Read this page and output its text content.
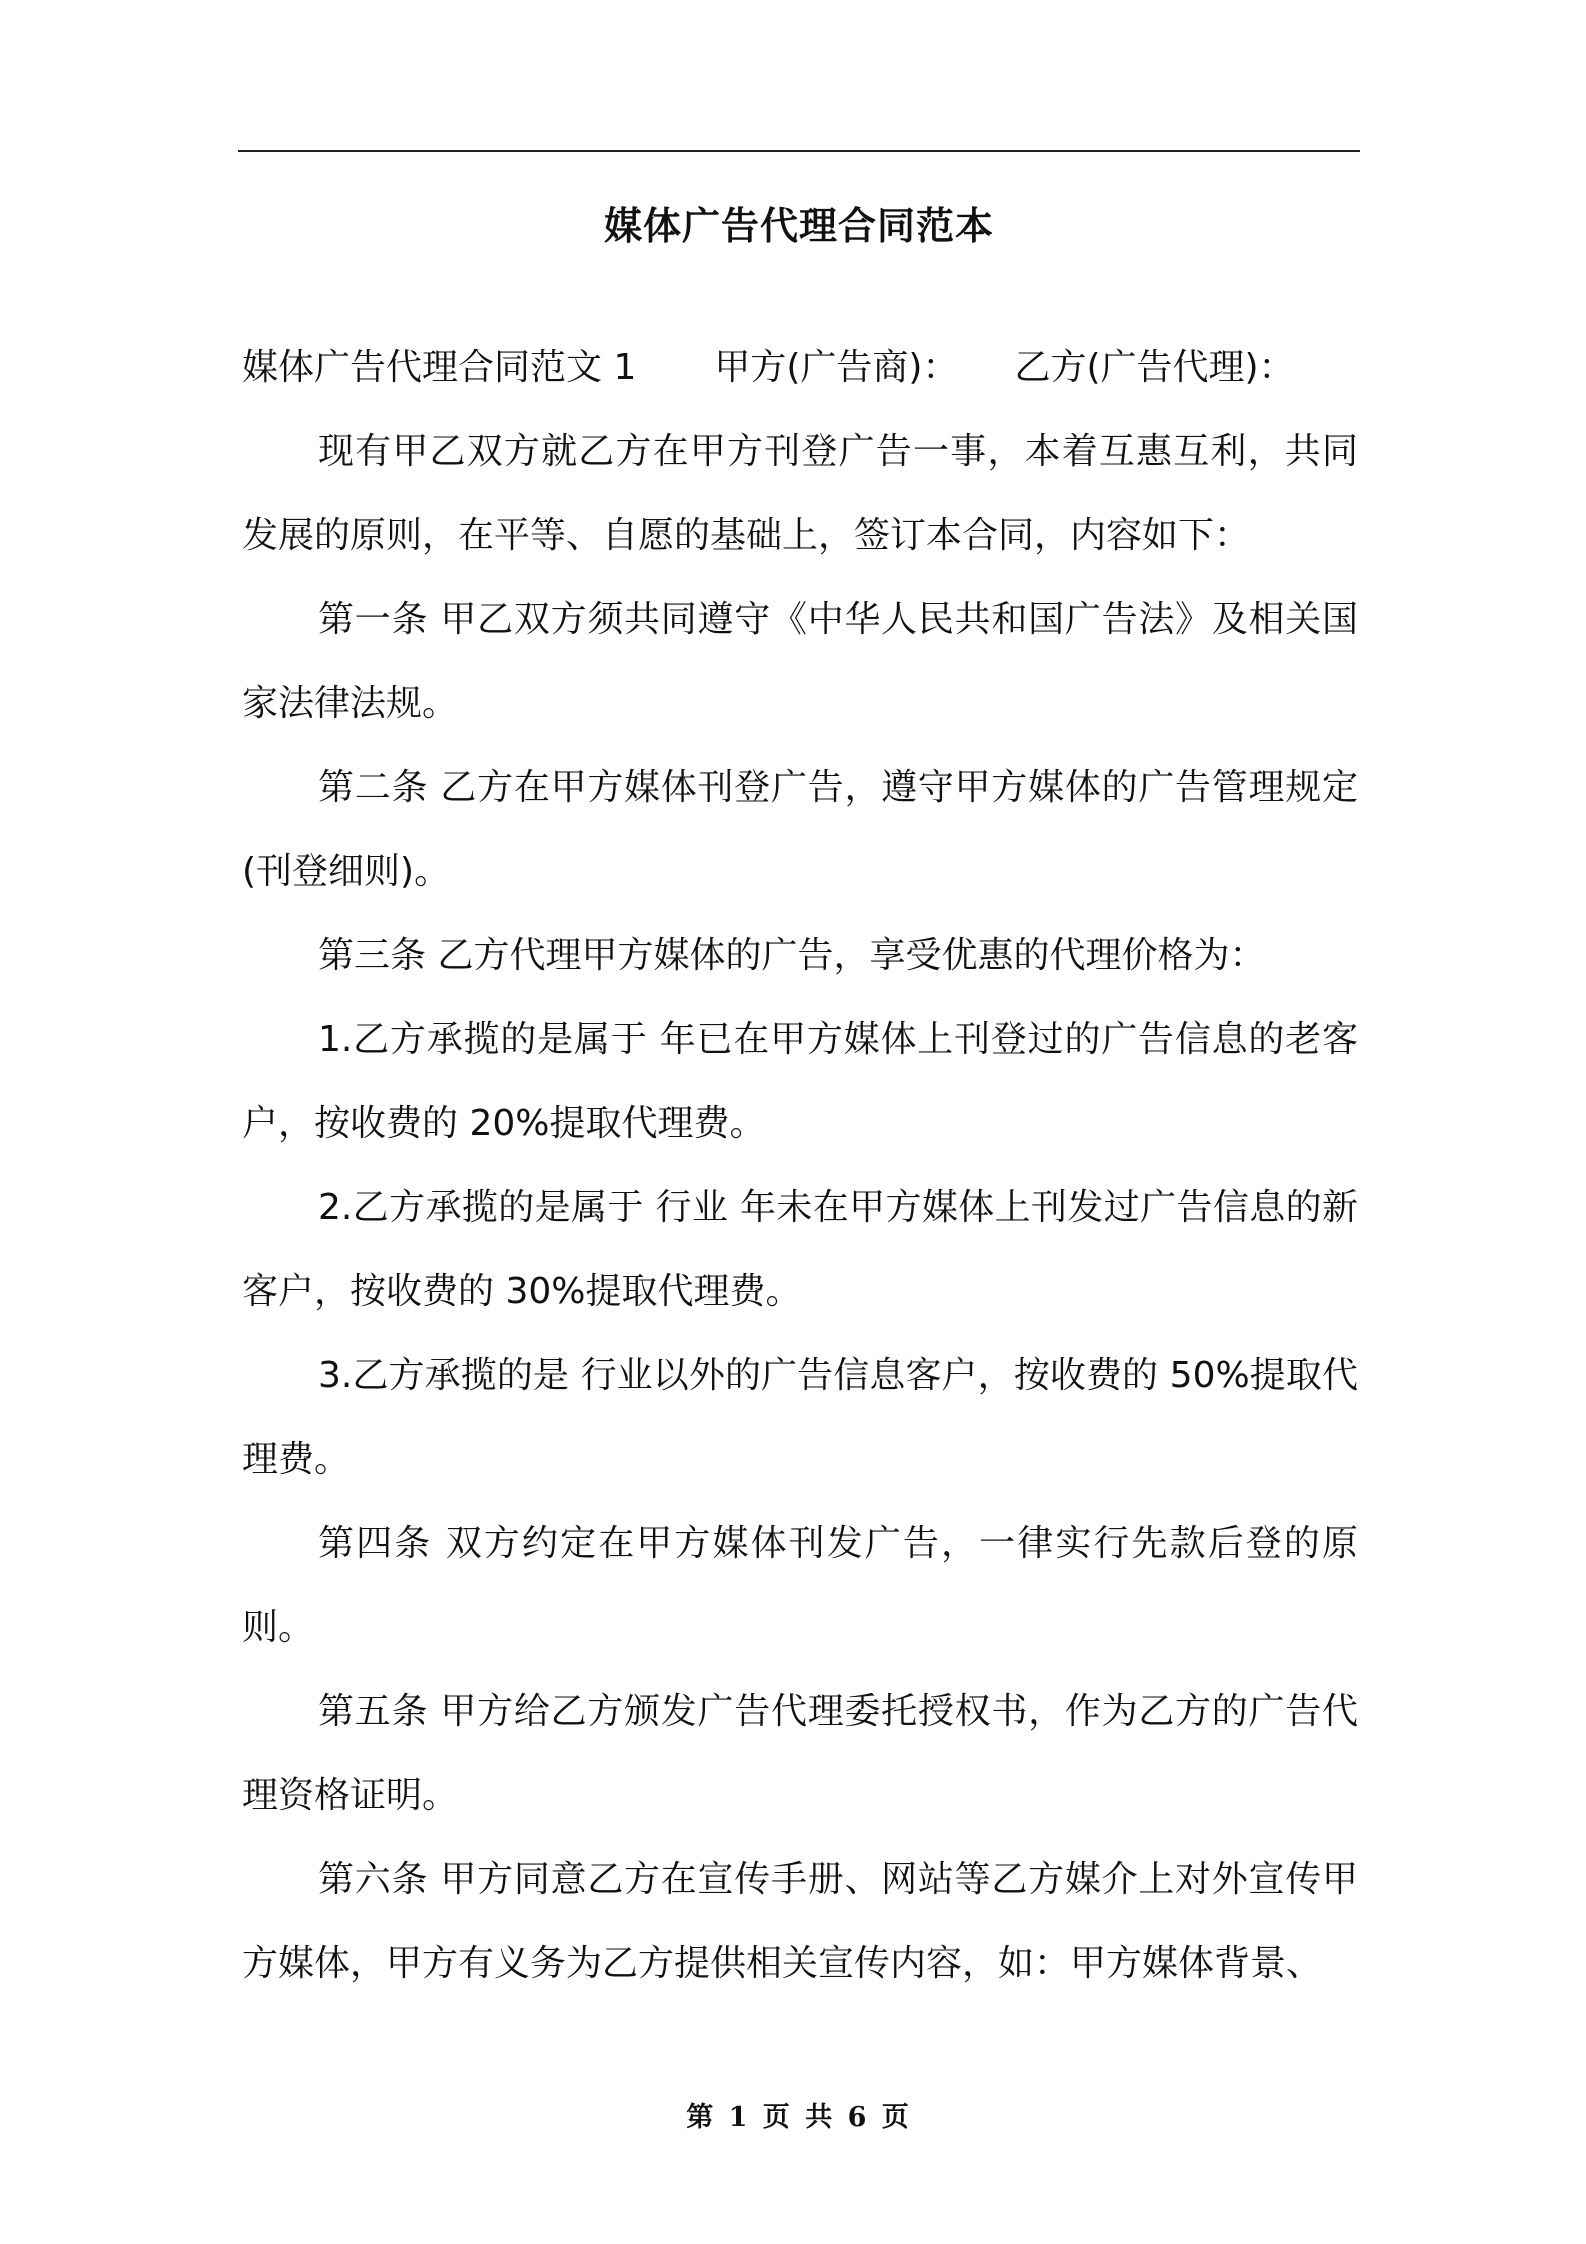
媒体广告代理合同范本

媒体广告代理合同范文 1 甲方(广告商)： 乙方(广告代理)：

现有甲乙双方就乙方在甲方刊登广告一事，本着互惠互利，共同发展的原则，在平等、自愿的基础上，签订本合同，内容如下：

第一条 甲乙双方须共同遵守《中华人民共和国广告法》及相关国家法律法规。

第二条 乙方在甲方媒体刊登广告，遵守甲方媒体的广告管理规定(刊登细则)。

第三条 乙方代理甲方媒体的广告，享受优惠的代理价格为：

1.乙方承揽的是属于 年已在甲方媒体上刊登过的广告信息的老客户，按收费的 20%提取代理费。

2.乙方承揽的是属于 行业 年未在甲方媒体上刊发过广告信息的新客户，按收费的 30%提取代理费。

3.乙方承揽的是 行业以外的广告信息客户，按收费的 50%提取代理费。

第四条 双方约定在甲方媒体刊发广告，一律实行先款后登的原则。

第五条 甲方给乙方颁发广告代理委托授权书，作为乙方的广告代理资格证明。

第六条 甲方同意乙方在宣传手册、网站等乙方媒介上对外宣传甲方媒体，甲方有义务为乙方提供相关宣传内容，如：甲方媒体背景、

第 1 页 共 6 页
